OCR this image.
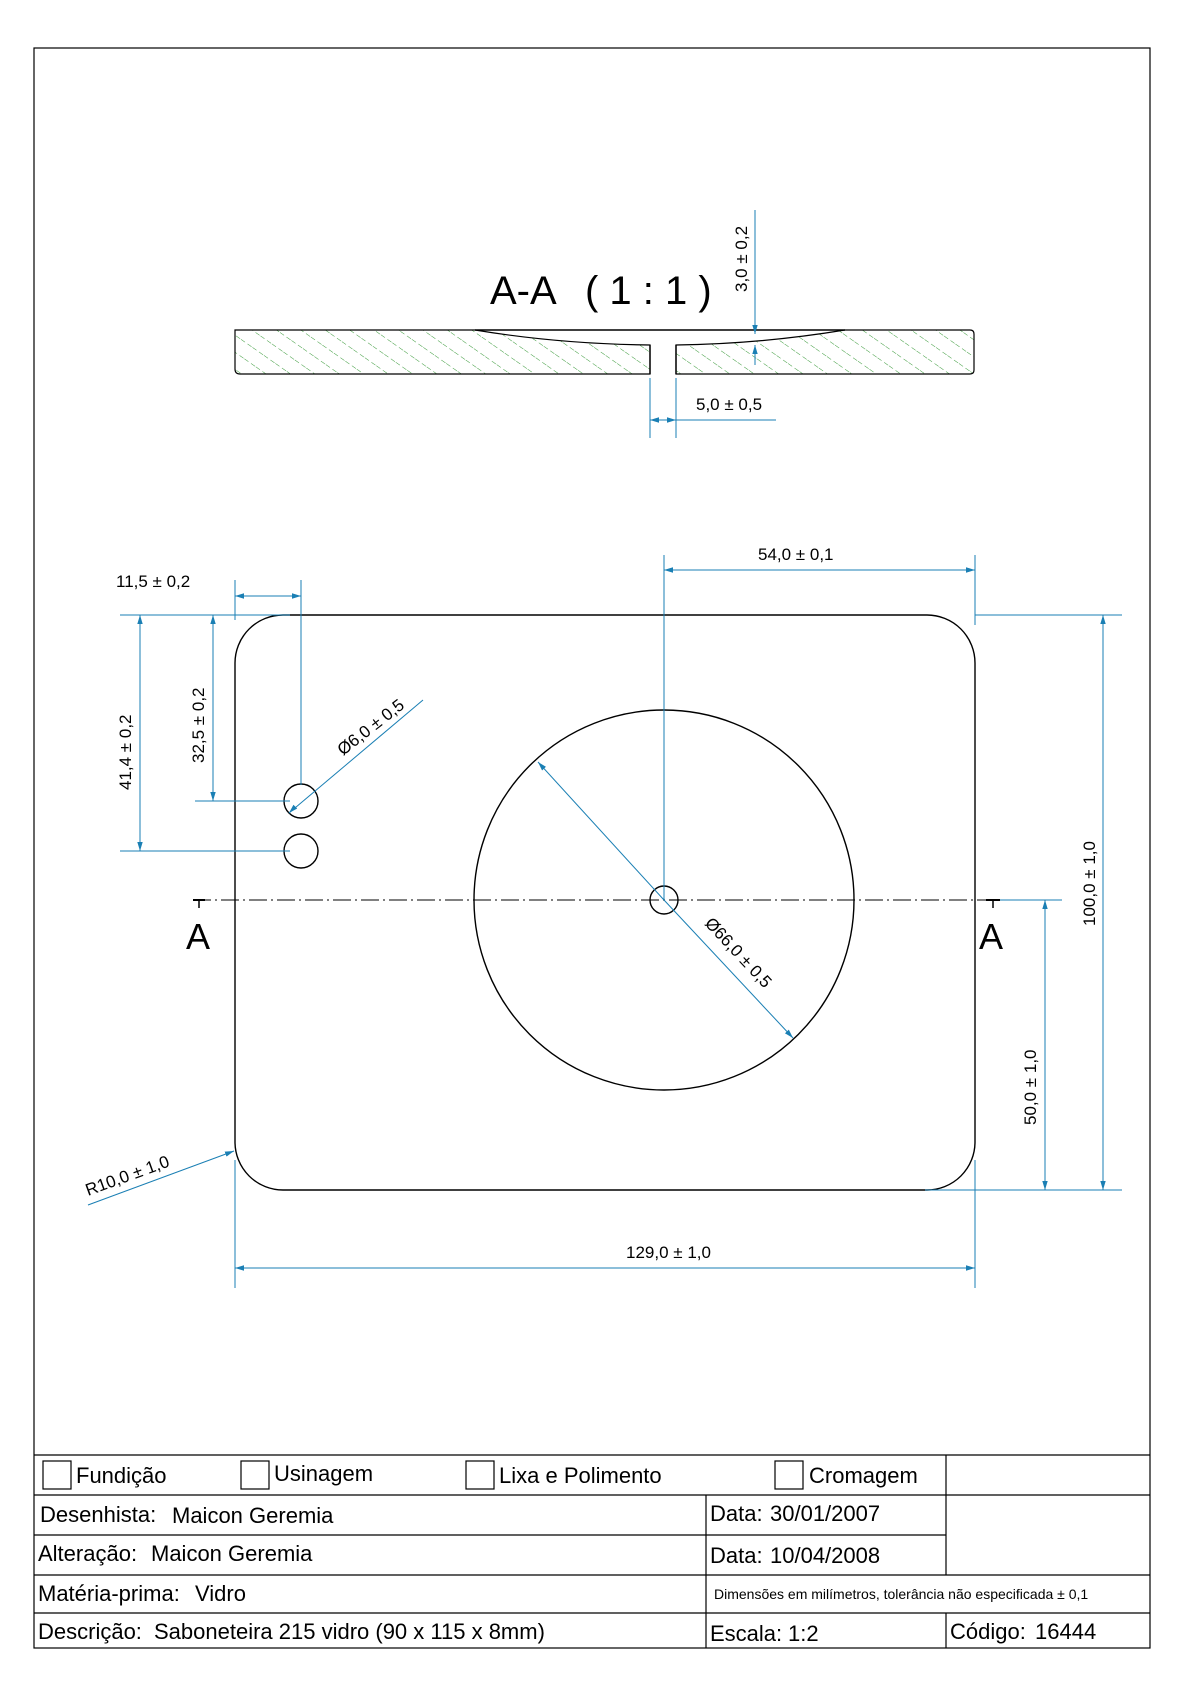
A-A ( 1 : 1 ) 3,0 ± 0,2
5,0 ± 0,5
A	A
54,0 ± 0,1
11,5 ± 0,2
32,5 ± 0,2
41,4 ± 0,2	Ø6,0 ± 0,5
Ø66,0 ± 0,5
100,0 ± 1,0
50,0 ± 1,0
R10,0 ± 1,0
129,0 ± 1,0
Fundição	Usinagem	Lixa e Polimento	Cromagem
Desenhista: Maicon Geremia	Data: 30/01/2007
Alteração: Maicon Geremia	Data: 10/04/2008
Matéria-prima: Vidro	Dimensões em milímetros, tolerância não especificada ± 0,1
Descrição: Saboneteira 215 vidro (90 x 115 x 8mm)	Escala: 1:2	Código: 16444
